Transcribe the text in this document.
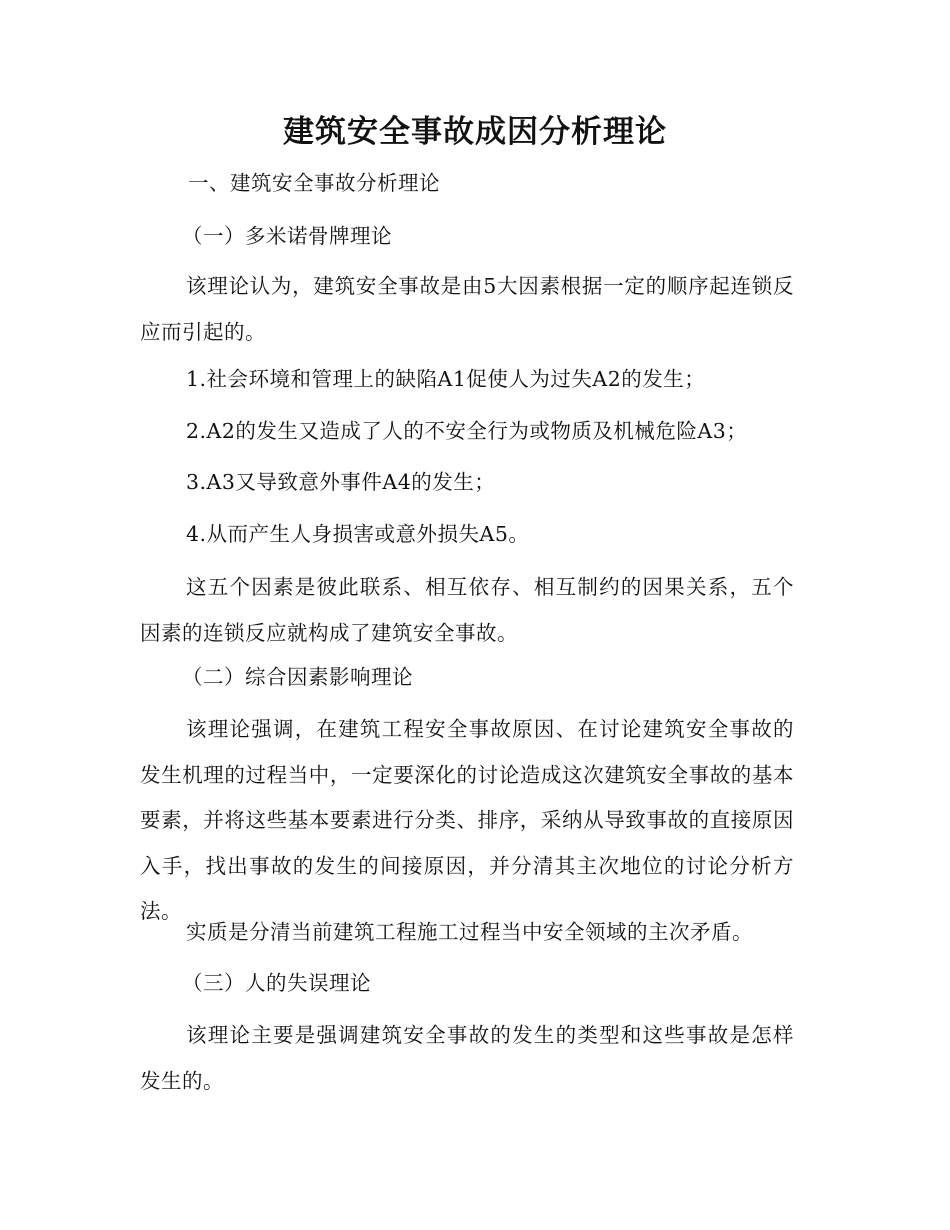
建筑安全事故成因分析理论
一、建筑安全事故分析理论
（一）多米诺骨牌理论
该理论认为，建筑安全事故是由5大因素根据一定的顺序起连锁反应而引起的。
1.社会环境和管理上的缺陷A1促使人为过失A2的发生；
2.A2的发生又造成了人的不安全行为或物质及机械危险A3；
3.A3又导致意外事件A4的发生；
4.从而产生人身损害或意外损失A5。
这五个因素是彼此联系、相互依存、相互制约的因果关系，五个因素的连锁反应就构成了建筑安全事故。
（二）综合因素影响理论
该理论强调，在建筑工程安全事故原因、在讨论建筑安全事故的发生机理的过程当中，一定要深化的讨论造成这次建筑安全事故的基本要素，并将这些基本要素进行分类、排序，采纳从导致事故的直接原因入手，找出事故的发生的间接原因，并分清其主次地位的讨论分析方法。
实质是分清当前建筑工程施工过程当中安全领域的主次矛盾。
（三）人的失误理论
该理论主要是强调建筑安全事故的发生的类型和这些事故是怎样发生的。
